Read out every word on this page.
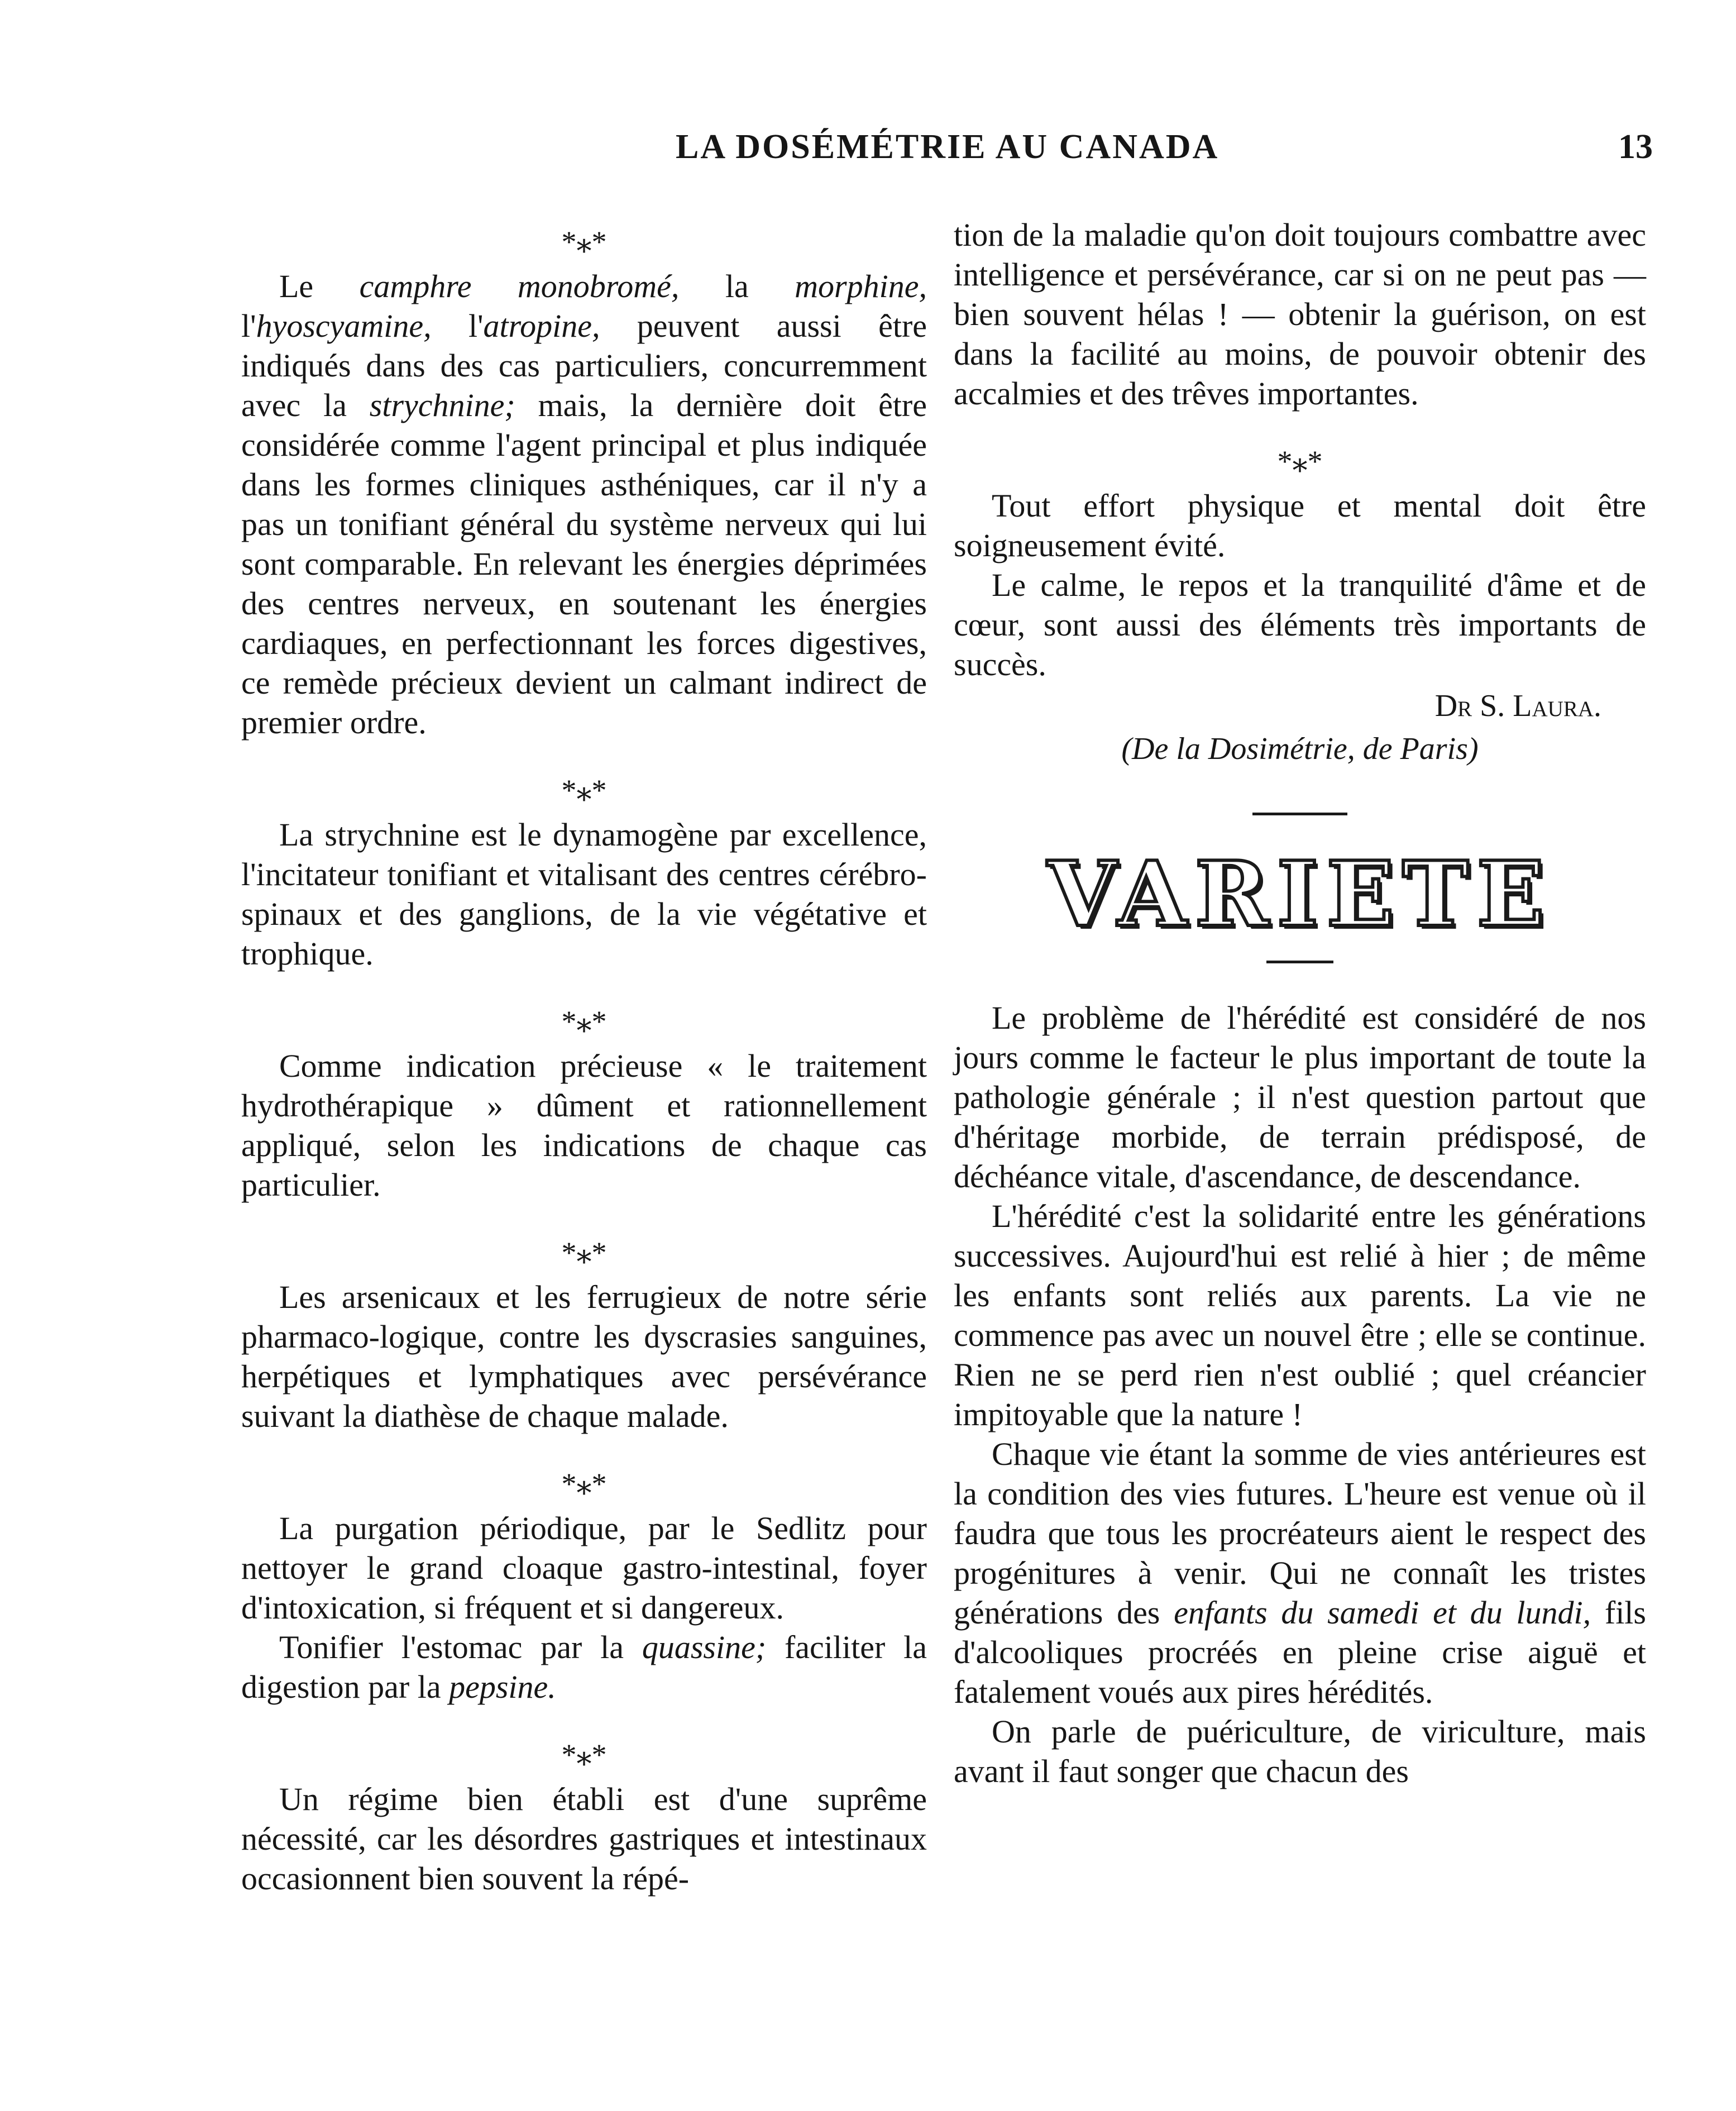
LA DOSÉMÉTRIE AU CANADA	13
*⁎*

Le camphre monobromé, la morphine, l'hyoscyamine, l'atropine, peuvent aussi être indiqués dans des cas particuliers, concurremment avec la strychnine; mais, la dernière doit être considérée comme l'agent principal et plus indiquée dans les formes cliniques asthéniques, car il n'y a pas un tonifiant général du système nerveux qui lui sont comparable. En relevant les énergies déprimées des centres nerveux, en soutenant les énergies cardiaques, en perfectionnant les forces digestives, ce remède précieux devient un calmant indirect de premier ordre.

*⁎*

La strychnine est le dynamogène par excellence, l'incitateur tonifiant et vitalisant des centres cérébro-spinaux et des ganglions, de la vie végétative et trophique.

*⁎*

Comme indication précieuse « le traitement hydrothérapique » dûment et rationnellement appliqué, selon les indications de chaque cas particulier.

*⁎*

Les arsenicaux et les ferrugieux de notre série pharmaco-logique, contre les dyscrasies sanguines, herpétiques et lymphatiques avec persévérance suivant la diathèse de chaque malade.

*⁎*

La purgation périodique, par le Sedlitz pour nettoyer le grand cloaque gastro-intestinal, foyer d'intoxication, si fréquent et si dangereux.

Tonifier l'estomac par la quassine; faciliter la digestion par la pepsine.

*⁎*

Un régime bien établi est d'une suprême nécessité, car les désordres gastriques et intestinaux occasionnent bien souvent la répé-

tion de la maladie qu'on doit toujours combattre avec intelligence et persévérance, car si on ne peut pas — bien souvent hélas ! — obtenir la guérison, on est dans la facilité au moins, de pouvoir obtenir des accalmies et des trêves importantes.

*⁎*

Tout effort physique et mental doit être soigneusement évité.

Le calme, le repos et la tranquilité d'âme et de cœur, sont aussi des éléments très importants de succès.

Dr S. Laura.
(De la Dosimétrie, de Paris)
VARIETE

Le problème de l'hérédité est considéré de nos jours comme le facteur le plus important de toute la pathologie générale ; il n'est question partout que d'héritage morbide, de terrain prédisposé, de déchéance vitale, d'ascendance, de descendance.

L'hérédité c'est la solidarité entre les générations successives. Aujourd'hui est relié à hier ; de même les enfants sont reliés aux parents. La vie ne commence pas avec un nouvel être ; elle se continue. Rien ne se perd rien n'est oublié ; quel créancier impitoyable que la nature !

Chaque vie étant la somme de vies antérieures est la condition des vies futures. L'heure est venue où il faudra que tous les procréateurs aient le respect des progénitures à venir. Qui ne connaît les tristes générations des enfants du samedi et du lundi, fils d'alcooliques procréés en pleine crise aiguë et fatalement voués aux pires hérédités.

On parle de puériculture, de viriculture, mais avant il faut songer que chacun des
